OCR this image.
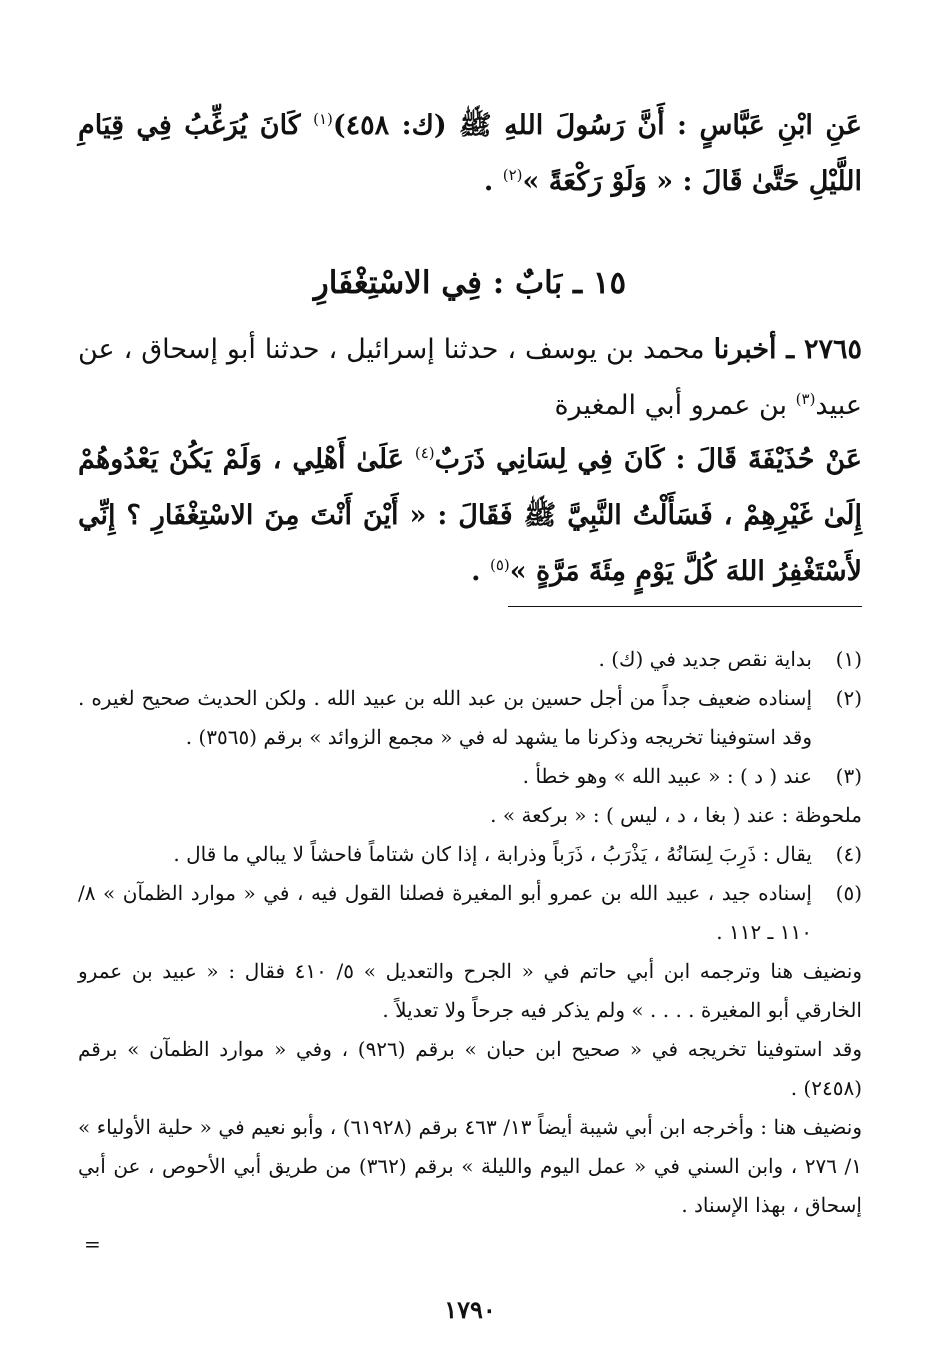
عَنِ ابْنِ عَبَّاسٍ : أَنَّ رَسُولَ اللهِ ﷺ (ك: ٤٥٨)$^{(١)}$ كَانَ يُرَغِّبُ فِي قِيَامِ اللَّيْلِ حَتَّىٰ قَالَ : « وَلَوْ رَكْعَةً »$^{(٢)}$ .
١٥ ـ بَابٌ : فِي الاسْتِغْفَارِ
٢٧٦٥ ـ أخبرنا محمد بن يوسف ، حدثنا إسرائيل ، حدثنا أبو إسحاق ، عن عبيد$^{(٣)}$ بن عمرو أبي المغيرة
عَنْ حُذَيْفَةَ قَالَ : كَانَ فِي لِسَانِي ذَرَبٌ$^{(٤)}$ عَلَىٰ أَهْلِي ، وَلَمْ يَكُنْ يَعْدُوهُمْ إِلَىٰ غَيْرِهِمْ ، فَسَأَلْتُ النَّبِيَّ ﷺ فَقَالَ : « أَيْنَ أَنْتَ مِنَ الاسْتِغْفَارِ ؟ إِنِّي لأَسْتَغْفِرُ اللهَ كُلَّ يَوْمٍ مِئَةَ مَرَّةٍ »$^{(٥)}$ .
(١)
بداية نقص جديد في (ك) .
(٢)
إسناده ضعيف جداً من أجل حسين بن عبد الله بن عبيد الله . ولكن الحديث صحيح لغيره . وقد استوفينا تخريجه وذكرنا ما يشهد له في « مجمع الزوائد » برقم (٣٥٦٥) .
(٣)
عند ( د ) : « عبيد الله » وهو خطأ .
ملحوظة : عند ( بغا ، د ، ليس ) : « بركعة » .
(٤)
يقال : ذَرِبَ لِسَانُهُ ، يَذْرَبُ ، ذَرَباً وذرابة ، إذا كان شتاماً فاحشاً لا يبالي ما قال .
(٥)
إسناده جيد ، عبيد الله بن عمرو أبو المغيرة فصلنا القول فيه ، في « موارد الظمآن » ٨/ ١١٠ ـ ١١٢ .
ونضيف هنا وترجمه ابن أبي حاتم في « الجرح والتعديل » ٥/ ٤١٠ فقال : « عبيد بن عمرو الخارقي أبو المغيرة . . . . » ولم يذكر فيه جرحاً ولا تعديلاً .
وقد استوفينا تخريجه في « صحيح ابن حبان » برقم (٩٢٦) ، وفي « موارد الظمآن » برقم (٢٤٥٨) .
ونضيف هنا : وأخرجه ابن أبي شيبة أيضاً ١٣/ ٤٦٣ برقم (٦١٩٢٨) ، وأبو نعيم في « حلية الأولياء » ١/ ٢٧٦ ، وابن السني في « عمل اليوم والليلة » برقم (٣٦٢) من طريق أبي الأحوص ، عن أبي إسحاق ، بهذا الإسناد .
=
١٧٩٠
